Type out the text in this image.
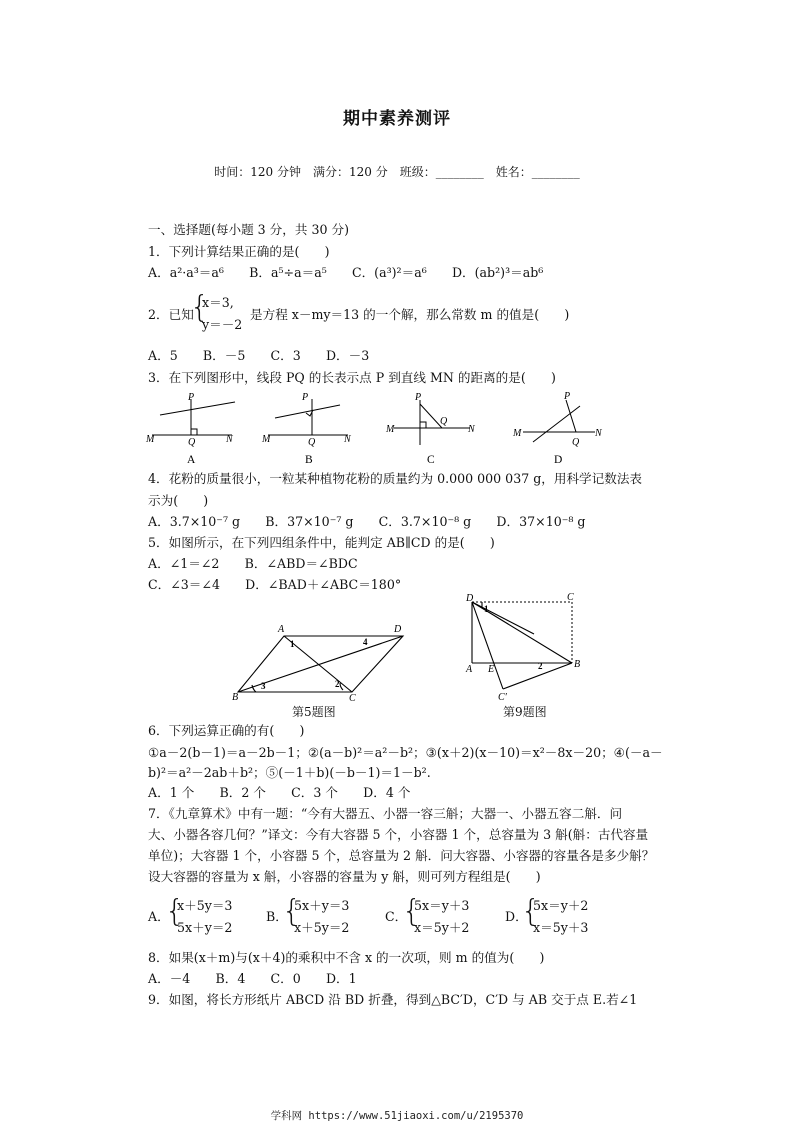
期中素养测评
时间：120 分钟　满分：120 分　班级：________　姓名：________
一、选择题(每小题 3 分，共 30 分)
1．下列计算结果正确的是(　　)
A．a²·a³＝a⁶　　B．a⁵÷a＝a⁵　　C．(a³)²＝a⁶　　D．(ab²)³＝ab⁶
2．已知
{
x＝3,
y＝－2
是方程 x－my＝13 的一个解，那么常数 m 的值是(　　)
A．5　　B．－5　　C．3　　D．－3
3．在下列图形中，线段 PQ 的长表示点 P 到直线 MN 的距离的是(　　)
M	N
P
Q	M	N
P
Q
M	N
P
Q
M	N
P
Q
A	B	C	D
4．花粉的质量很小，一粒某种植物花粉的质量约为 0.000 000 037 g，用科学记数法表
示为(　　)
A．3.7×10⁻⁷ g　　B．37×10⁻⁷ g　　C．3.7×10⁻⁸ g　　D．37×10⁻⁸ g
5．如图所示，在下列四组条件中，能判定 AB∥CD 的是(　　)
A．∠1＝∠2　　B．∠ABD＝∠BDC
C．∠3＝∠4　　D．∠BAD＋∠ABC＝180°
A	D
B	C
1	4
3	2
第5题图
D	C
A E	B
C′
1
2
第9题图
6．下列运算正确的有(　　)
①a－2(b－1)＝a－2b－1；②(a－b)²＝a²－b²；③(x＋2)(x－10)＝x²－8x－20；④(－a－
b)²＝a²－2ab＋b²；⑤(－1＋b)(－b－1)＝1－b².
A．1 个　　B．2 个　　C．3 个　　D．4 个
7．《九章算术》中有一题：“今有大器五、小器一容三斛；大器一、小器五容二斛．问
大、小器各容几何？”译文：今有大容器 5 个，小容器 1 个，总容量为 3 斛(斛：古代容量
单位)；大容器 1 个，小容器 5 个，总容量为 2 斛．问大容器、小容器的容量各是多少斛？
设大容器的容量为 x 斛，小容器的容量为 y 斛，则可列方程组是(　　)
A．
{
x＋5y＝3
5x＋y＝2
B．
{
5x＋y＝3
x＋5y＝2
C．
{
5x＝y＋3
x＝5y＋2
D．
{
5x＝y＋2
x＝5y＋3
8．如果(x＋m)与(x＋4)的乘积中不含 x 的一次项，则 m 的值为(　　)
A．－4　　B．4　　C．0　　D．1
9．如图，将长方形纸片 ABCD 沿 BD 折叠，得到△BC′D，C′D 与 AB 交于点 E.若∠1
学科网 https://www.51jiaoxi.com/u/2195370
